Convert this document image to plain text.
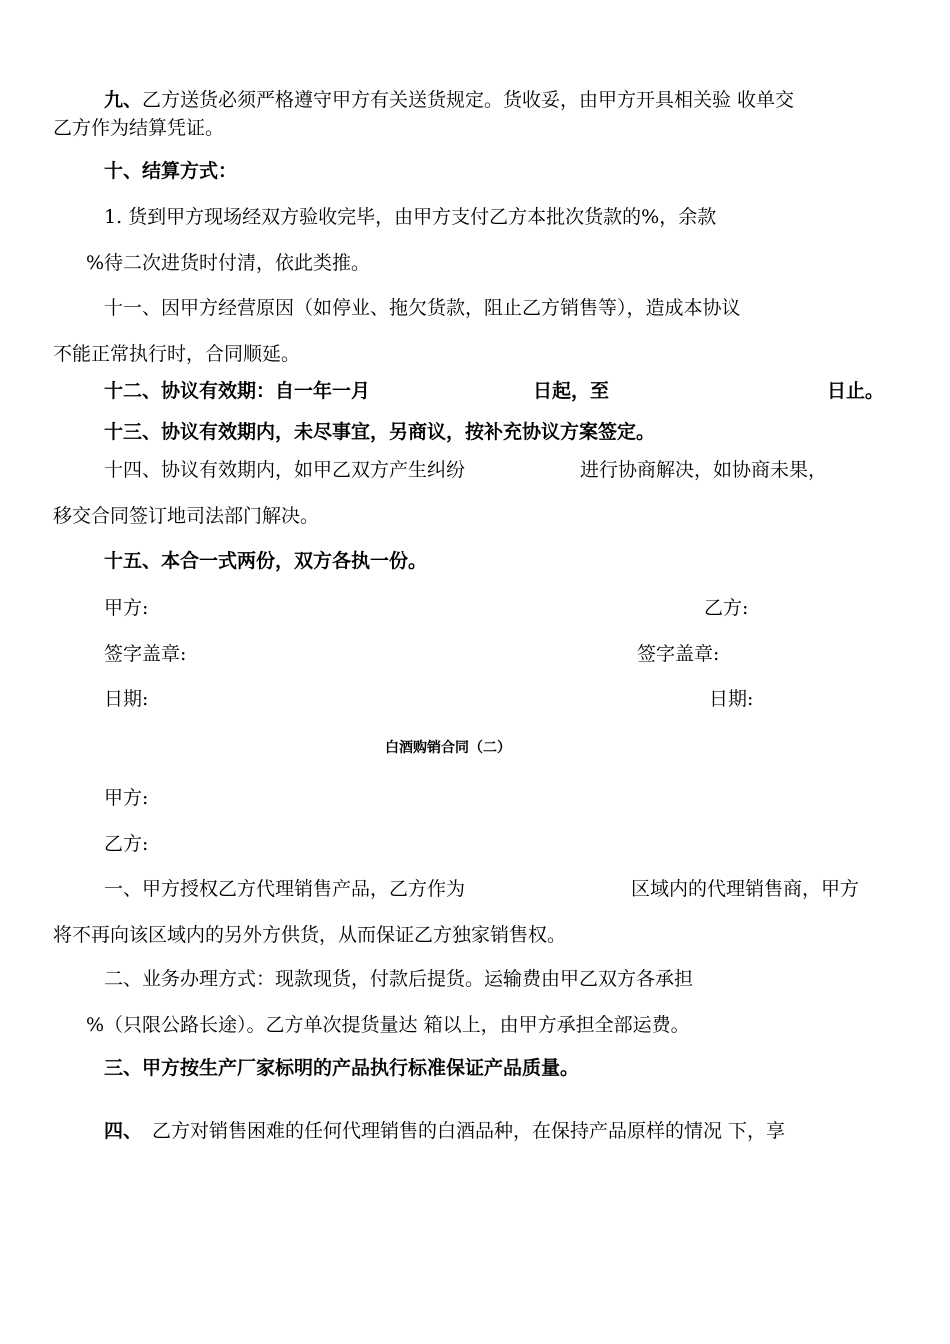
九、乙方送货必须严格遵守甲方有关送货规定。货收妥，由甲方开具相关验 收单交
乙方作为结算凭证。
十、结算方式：
1. 货到甲方现场经双方验收完毕，由甲方支付乙方本批次货款的%，余款
%待二次进货时付清，依此类推。
十一、因甲方经营原因（如停业、拖欠货款，阻止乙方销售等），造成本协议
不能正常执行时，合同顺延。
十二、协议有效期：自一年一月	日起，至	日止。
十三、协议有效期内，未尽事宜，另商议，按补充协议方案签定。
十四、协议有效期内，如甲乙双方产生纠纷	进行协商解决，如协商未果，
移交合同签订地司法部门解决。
十五、本合一式两份，双方各执一份。
甲方:	乙方:
签字盖章:	签字盖章:
日期:	日期:
白酒购销合同（二）
甲方:
乙方:
一、甲方授权乙方代理销售产品，乙方作为	区域内的代理销售商，甲方
将不再向该区域内的另外方供货，从而保证乙方独家销售权。
二、业务办理方式：现款现货，付款后提货。运输费由甲乙双方各承担
%（只限公路长途）。乙方单次提货量达 箱以上，由甲方承担全部运费。
三、甲方按生产厂家标明的产品执行标准保证产品质量。
四、 乙方对销售困难的任何代理销售的白酒品种，在保持产品原样的情况 下，享
